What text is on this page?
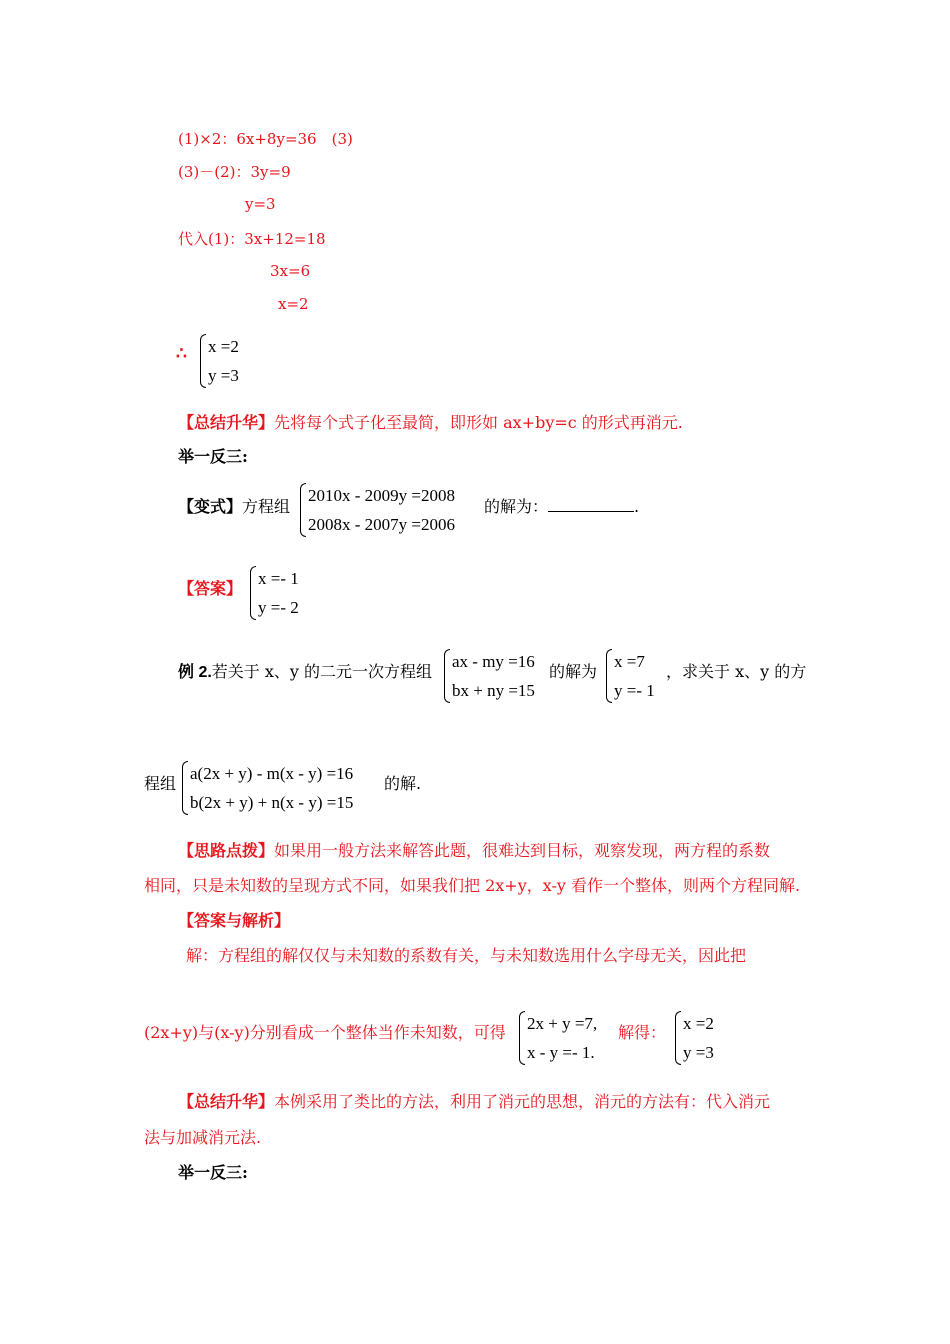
(1)×2：6x+8y=36　(3)
(3)－(2)：3y=9
y=3
代入(1)：3x+12=18
3x=6
x=2
∴ x =2
y =3
【总结升华】先将每个式子化至最简，即形如 ax+by=c 的形式再消元.
举一反三:
【变式】方程组
2010x - 2009y =2008
2008x - 2007y =2006
的解为：	.
【答案】
x =- 1
y =- 2
例 2.若关于 x、y 的二元一次方程组
ax - my =16
bx + ny =15
的解为
x =7
y =- 1
，求关于 x、y 的方
程组
a(2x + y) - m(x - y) =16
b(2x + y) + n(x - y) =15
的解.
【思路点拨】如果用一般方法来解答此题，很难达到目标，观察发现，两方程的系数
相同，只是未知数的呈现方式不同，如果我们把 2x+y，x-y 看作一个整体，则两个方程同解.
【答案与解析】
解：方程组的解仅仅与未知数的系数有关，与未知数选用什么字母无关，因此把
(2x+y)与(x-y)分别看成一个整体当作未知数，可得 2x + y =7,
x - y =- 1.
解得： x =2
y =3
【总结升华】本例采用了类比的方法，利用了消元的思想，消元的方法有：代入消元
法与加减消元法.
举一反三:
